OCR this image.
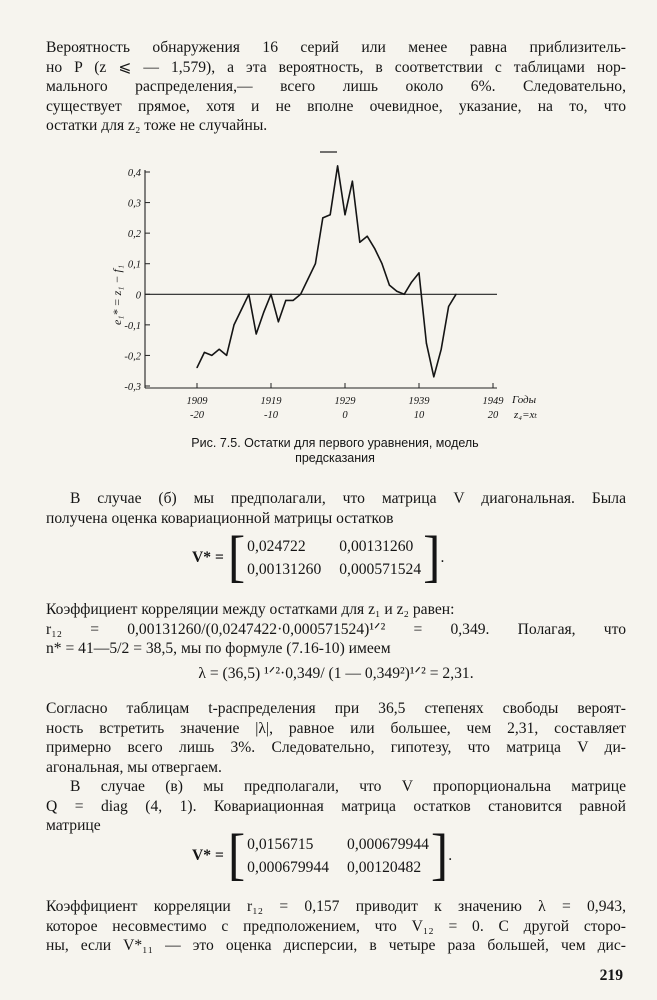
Вероятность обнаружения 16 серий или менее равна приблизитель-
но P (z ⩽ — 1,579), а эта вероятность, в соответствии с таблицами нор-
мального распределения,— всего лишь около 6%. Следовательно,
существует прямое, хотя и не вполне очевидное, указание, на то, что
остатки для z₂ тоже не случайны.
0,4
0,3
0,2
0,1
0
-0,1
-0,2
-0,3
1909
-20
1919
-10
1929
0
1939
10
1949
20
e₁* = z₁ − f₁
Годы
z₄=xₜ
Рис. 7.5. Остатки для первого уравнения, модель
предсказания
В случае (б) мы предполагали, что матрица V диагональная. Была
получена оценка ковариационной матрицы остатков
V* = [ 0,024722	0,00131260
0,00131260 0,000571524 ] .
Коэффициент корреляции между остатками для z₁ и z₂ равен:
r₁₂ = 0,00131260/(0,0247422·0,000571524)¹ᐟ² = 0,349. Полагая, что
n* = 41—5/2 = 38,5, мы по формуле (7.16-10) имеем
λ = (36,5) ¹ᐟ²·0,349/ (1 — 0,349²)¹ᐟ² = 2,31.
Согласно таблицам t-распределения при 36,5 степенях свободы вероят-
ность встретить значение |λ|, равное или большее, чем 2,31, составляет
примерно всего лишь 3%. Следовательно, гипотезу, что матрица V ди-
агональная, мы отвергаем.
В случае (в) мы предполагали, что V пропорциональна матрице
Q = diag (4, 1). Ковариационная матрица остатков становится равной
матрице
V* = [ 0,0156715	0,000679944
0,000679944 0,00120482 ] .
Коэффициент корреляции r₁₂ = 0,157 приводит к значению λ = 0,943,
которое несовместимо с предположением, что V₁₂ = 0. С другой сторо-
ны, если V*₁₁ — это оценка дисперсии, в четыре раза большей, чем дис-
219
